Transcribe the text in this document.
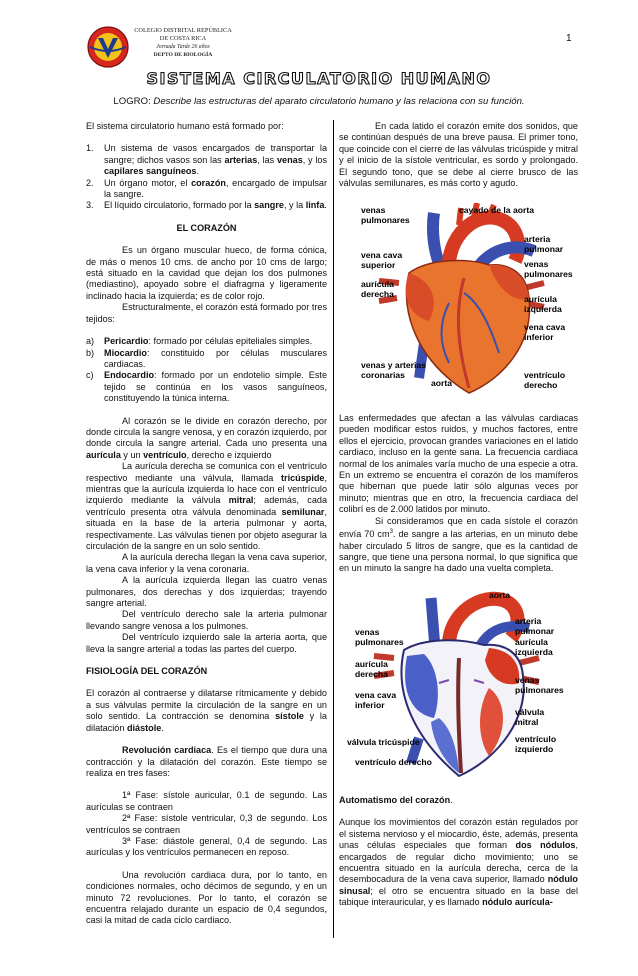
COLEGIO DISTRITAL REPÚBLICA
DE COSTA RICA
Jornada Tarde 26 años
DEPTO DE BIOLOGÍA
1
SISTEMA CIRCULATORIO HUMANO
LOGRO: Describe las estructuras del aparato circulatorio humano y las relaciona con su función.

El sistema circulatorio humano está formado por:

1. Un sistema de vasos encargados de transportar la sangre; dichos vasos son las arterias, las venas, y los capilares sanguíneos.
2. Un órgano motor, el corazón, encargado de impulsar la sangre.
3. El líquido circulatorio, formado por la sangre, y la linfa.

EL CORAZÓN

Es un órgano muscular hueco, de forma cónica, de más o menos 10 cms. de ancho por 10 cms de largo; está situado en la cavidad que dejan los dos pulmones (mediastino), apoyado sobre el diafragma y ligeramente inclinado hacia la izquierda; es de color rojo.

Estructuralmente, el corazón está formado por tres tejidos:

a) Pericardio: formado por células epiteliales simples.
b) Miocardio: constituido por células musculares cardiacas.
c) Endocardio: formado por un endotelio simple. Este tejido se continúa en los vasos sanguíneos, constituyendo la túnica interna.

Al corazón se le divide en corazón derecho, por donde circula la sangre venosa, y en corazón izquierdo, por donde circula la sangre arterial. Cada uno presenta una aurícula y un ventrículo, derecho e izquierdo

La aurícula derecha se comunica con el ventrículo respectivo mediante una válvula, llamada tricúspide, mientras que la aurícula izquierda lo hace con el ventrículo izquierdo mediante la válvula mitral; además, cada ventrículo presenta otra válvula denominada semilunar, situada en la base de la arteria pulmonar y aorta, respectivamente. Las válvulas tienen por objeto asegurar la circulación de la sangre en un solo sentido.

A la aurícula derecha llegan la vena cava superior, la vena cava inferior y la vena coronaria.

A la aurícula izquierda llegan las cuatro venas pulmonares, dos derechas y dos izquierdas; trayendo sangre arterial.

Del ventrículo derecho sale la arteria pulmonar llevando sangre venosa a los pulmones.

Del ventrículo izquierdo sale la arteria aorta, que lleva la sangre arterial a todas las partes del cuerpo.

FISIOLOGÍA DEL CORAZÓN

El corazón al contraerse y dilatarse rítmicamente y debido a sus válvulas permite la circulación de la sangre en un solo sentido. La contracción se denomina sístole y la dilatación diástole.

Revolución cardiaca. Es el tiempo que dura una contracción y la dilatación del corazón. Este tiempo se realiza en tres fases:

1ª Fase: sístole auricular, 0.1 de segundo. Las aurículas se contraen

2ª Fase: sístole ventricular, 0,3 de segundo. Los ventrículos se contraen

3ª Fase: diástole general, 0,4 de segundo. Las aurículas y los ventrículos permanecen en reposo.

Una revolución cardiaca dura, por lo tanto, en condiciones normales, ocho décimos de segundo, y en un minuto 72 revoluciones. Por lo tanto, el corazón se encuentra relajado durante un espacio de 0,4 segundos, casi la mitad de cada ciclo cardiaco.

En cada latido el corazón emite dos sonidos, que se continúan después de una breve pausa. El primer tono, que coincide con el cierre de las válvulas tricúspide y mitral y el inicio de la sístole ventricular, es sordo y prolongado. El segundo tono, que se debe al cierre brusco de las válvulas semilunares, es más corto y agudo.

venas
pulmonares
cayado de la aorta
arteria
pulmonar
vena cava
superior	venas
pulmonares
aurícula
derecha
aurícula
izquierda
vena cava
inferior
venas y arterias
coronarias
aorta
ventrículo
derecho

Las enfermedades que afectan a las válvulas cardiacas pueden modificar estos ruidos, y muchos factores, entre ellos el ejercicio, provocan grandes variaciones en el latido cardiaco, incluso en la gente sana. La frecuencia cardiaca normal de los animales varía mucho de una especie a otra. En un extremo se encuentra el corazón de los mamíferos que hibernan que puede latir sólo algunas veces por minuto; mientras que en otro, la frecuencia cardiaca del colibrí es de 2.000 latidos por minuto.

Si consideramos que en cada sístole el corazón envía 70 $cm^3$. de sangre a las arterias, en un minuto debe haber circulado 5 litros de sangre, que es la cantidad de sangre, que tiene una persona normal, lo que significa que en un minuto la sangre ha dado una vuelta completa.

aorta
arteria
pulmonar
venas
pulmonares	aurícula
izquierda
aurícula
derecha
venas
pulmonares
vena cava
inferior
válvula
mitral
válvula tricúspide	ventrículo
izquierdo
ventrículo derecho

Automatismo del corazón.

Aunque los movimientos del corazón están regulados por el sistema nervioso y el miocardio, éste, además, presenta unas células especiales que forman dos nódulos, encargados de regular dicho movimiento; uno se encuentra situado en la aurícula derecha, cerca de la desembocadura de la vena cava superior, llamado nódulo sinusal; el otro se encuentra situado en la base del tabique interauricular, y es llamado nódulo aurícula-
